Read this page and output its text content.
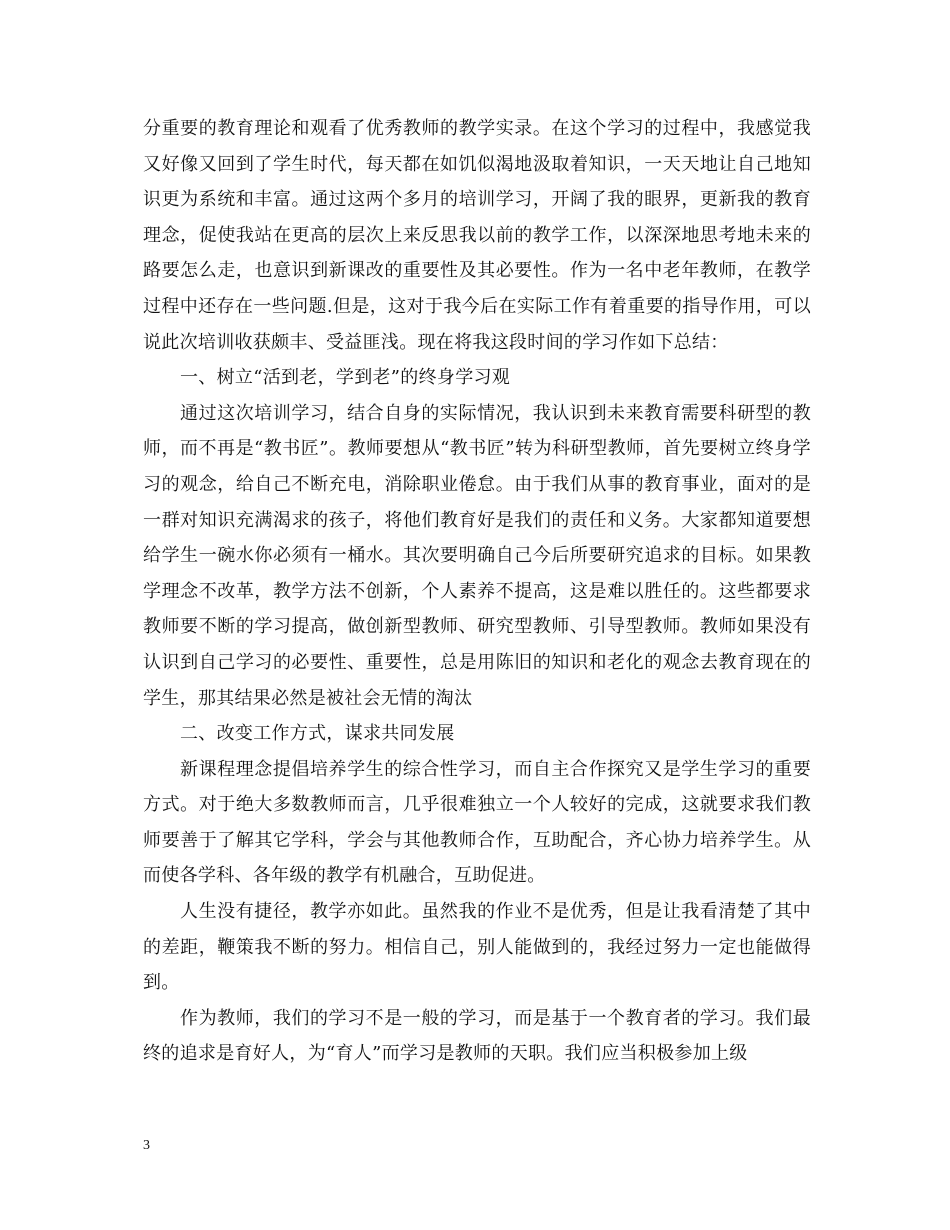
分重要的教育理论和观看了优秀教师的教学实录。在这个学习的过程中，我感觉我又好像又回到了学生时代，每天都在如饥似渴地汲取着知识，一天天地让自己地知识更为系统和丰富。通过这两个多月的培训学习，开阔了我的眼界，更新我的教育理念，促使我站在更高的层次上来反思我以前的教学工作，以深深地思考地未来的路要怎么走，也意识到新课改的重要性及其必要性。作为一名中老年教师，在教学过程中还存在一些问题.但是，这对于我今后在实际工作有着重要的指导作用，可以说此次培训收获颇丰、受益匪浅。现在将我这段时间的学习作如下总结：

一、树立“活到老，学到老”的终身学习观

通过这次培训学习，结合自身的实际情况，我认识到未来教育需要科研型的教师，而不再是“教书匠”。教师要想从“教书匠”转为科研型教师，首先要树立终身学习的观念，给自己不断充电，消除职业倦怠。由于我们从事的教育事业，面对的是一群对知识充满渴求的孩子，将他们教育好是我们的责任和义务。大家都知道要想给学生一碗水你必须有一桶水。其次要明确自己今后所要研究追求的目标。如果教学理念不改革，教学方法不创新，个人素养不提高，这是难以胜任的。这些都要求教师要不断的学习提高，做创新型教师、研究型教师、引导型教师。教师如果没有认识到自己学习的必要性、重要性，总是用陈旧的知识和老化的观念去教育现在的学生，那其结果必然是被社会无情的淘汰

二、改变工作方式，谋求共同发展

新课程理念提倡培养学生的综合性学习，而自主合作探究又是学生学习的重要方式。对于绝大多数教师而言，几乎很难独立一个人较好的完成，这就要求我们教师要善于了解其它学科，学会与其他教师合作，互助配合，齐心协力培养学生。从而使各学科、各年级的教学有机融合，互助促进。

人生没有捷径，教学亦如此。虽然我的作业不是优秀，但是让我看清楚了其中的差距，鞭策我不断的努力。相信自己，别人能做到的，我经过努力一定也能做得到。

作为教师，我们的学习不是一般的学习，而是基于一个教育者的学习。我们最终的追求是育好人，为“育人”而学习是教师的天职。我们应当积极参加上级

3
